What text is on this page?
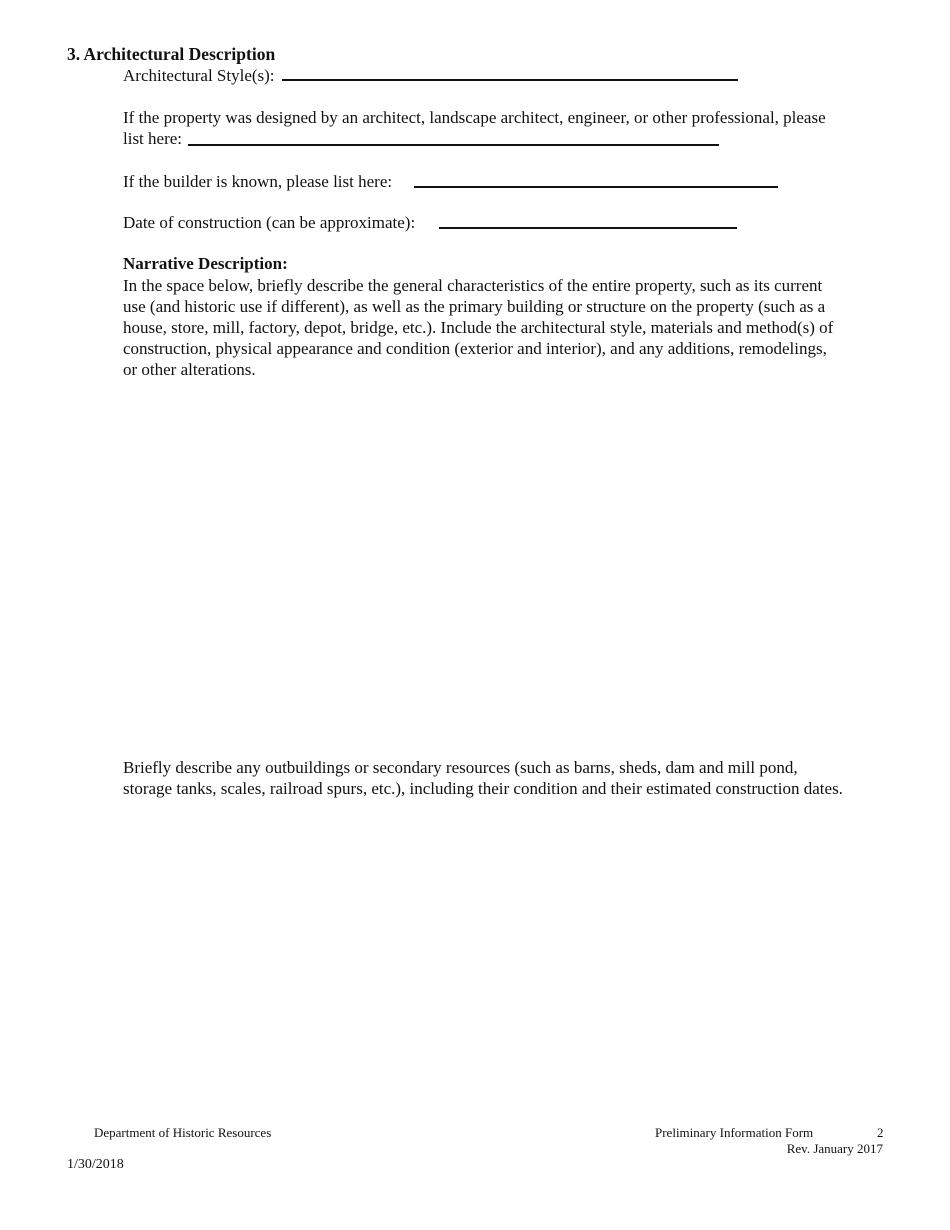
3. Architectural Description
Architectural Style(s):
If the property was designed by an architect, landscape architect, engineer, or other professional, please
list here:
If the builder is known, please list here:
Date of construction (can be approximate):
Narrative Description:
In the space below, briefly describe the general characteristics of the entire property, such as its current
use (and historic use if different), as well as the primary building or structure on the property (such as a
house, store, mill, factory, depot, bridge, etc.). Include the architectural style, materials and method(s) of
construction, physical appearance and condition (exterior and interior), and any additions, remodelings,
or other alterations.
Briefly describe any outbuildings or secondary resources (such as barns, sheds, dam and mill pond,
storage tanks, scales, railroad spurs, etc.), including their condition and their estimated construction dates.
Department of Historic Resources	Preliminary Information Form	2
Rev. January 2017
1/30/2018
